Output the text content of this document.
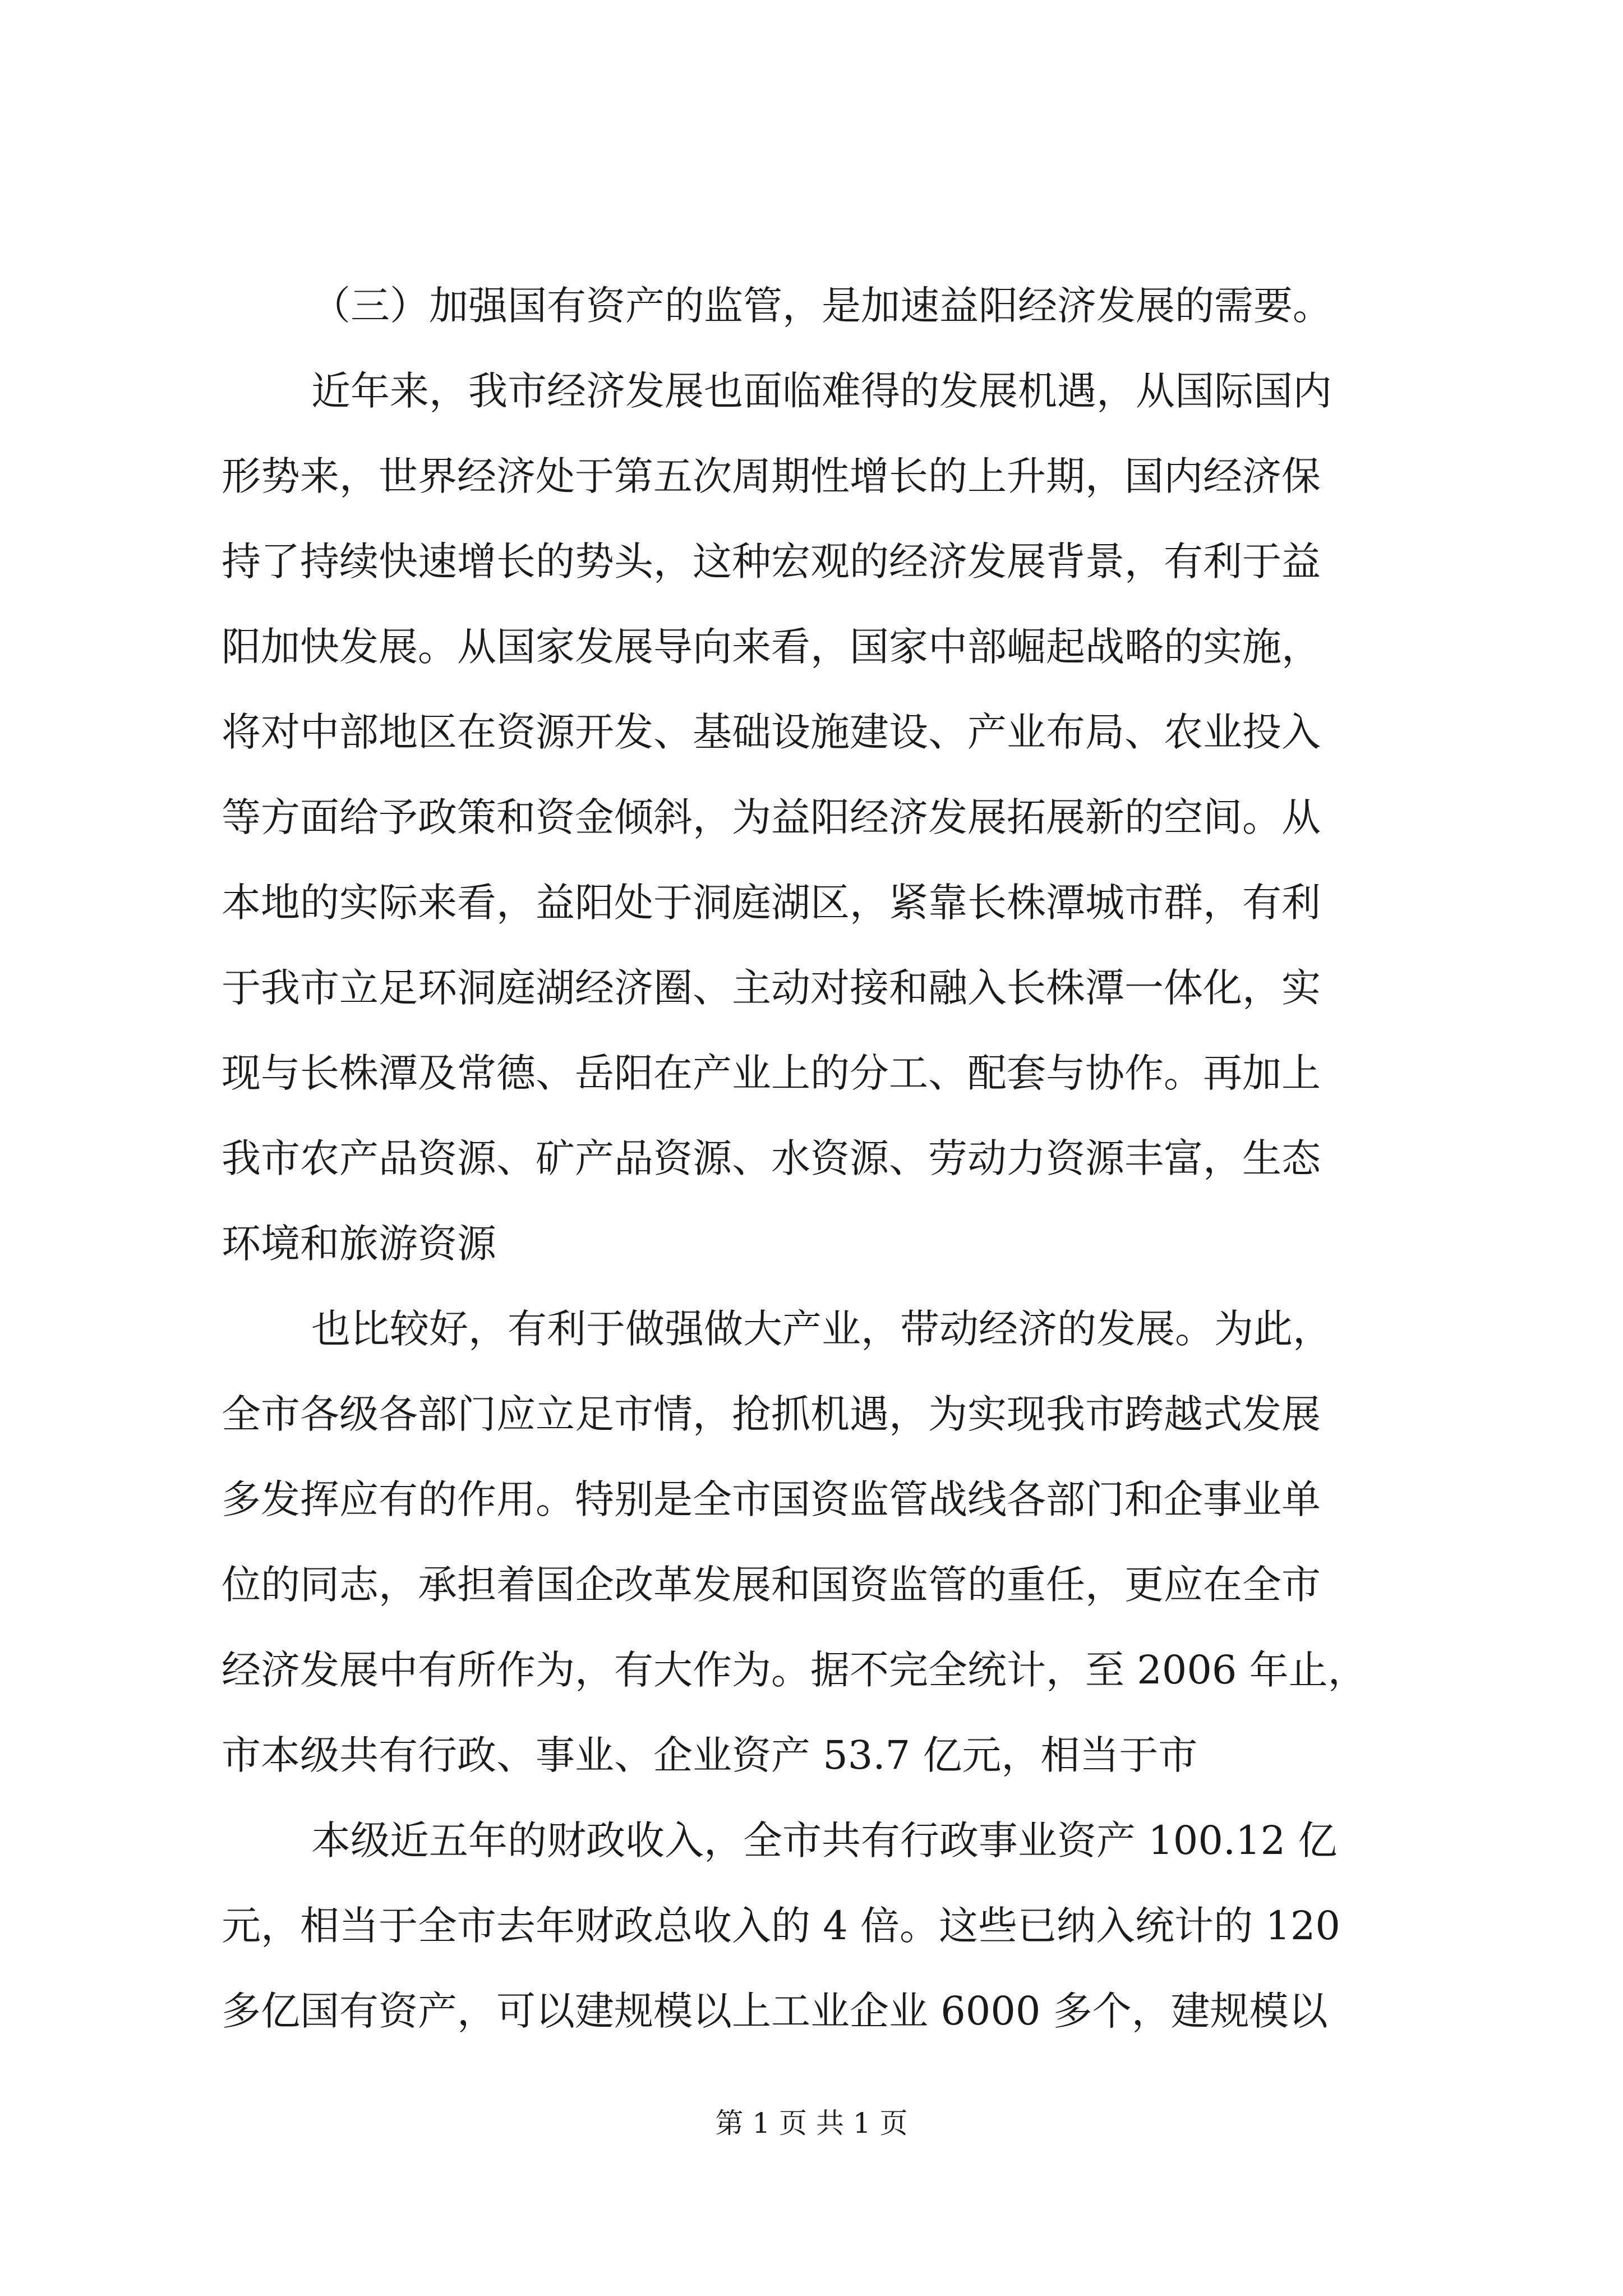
（三）加强国有资产的监管，是加速益阳经济发展的需要。
近年来，我市经济发展也面临难得的发展机遇，从国际国内
形势来，世界经济处于第五次周期性增长的上升期，国内经济保
持了持续快速增长的势头，这种宏观的经济发展背景，有利于益
阳加快发展。从国家发展导向来看，国家中部崛起战略的实施，
将对中部地区在资源开发、基础设施建设、产业布局、农业投入
等方面给予政策和资金倾斜，为益阳经济发展拓展新的空间。从
本地的实际来看，益阳处于洞庭湖区，紧靠长株潭城市群，有利
于我市立足环洞庭湖经济圈、主动对接和融入长株潭一体化，实
现与长株潭及常德、岳阳在产业上的分工、配套与协作。再加上
我市农产品资源、矿产品资源、水资源、劳动力资源丰富，生态
环境和旅游资源
也比较好，有利于做强做大产业，带动经济的发展。为此，
全市各级各部门应立足市情，抢抓机遇，为实现我市跨越式发展
多发挥应有的作用。特别是全市国资监管战线各部门和企事业单
位的同志，承担着国企改革发展和国资监管的重任，更应在全市
经济发展中有所作为，有大作为。据不完全统计，至 2006 年止，
市本级共有行政、事业、企业资产 53.7 亿元，相当于市
本级近五年的财政收入，全市共有行政事业资产 100.12 亿
元，相当于全市去年财政总收入的 4 倍。这些已纳入统计的 120
第 1 页 共 1 页
多亿国有资产，可以建规模以上工业企业 6000 多个，建规模以
